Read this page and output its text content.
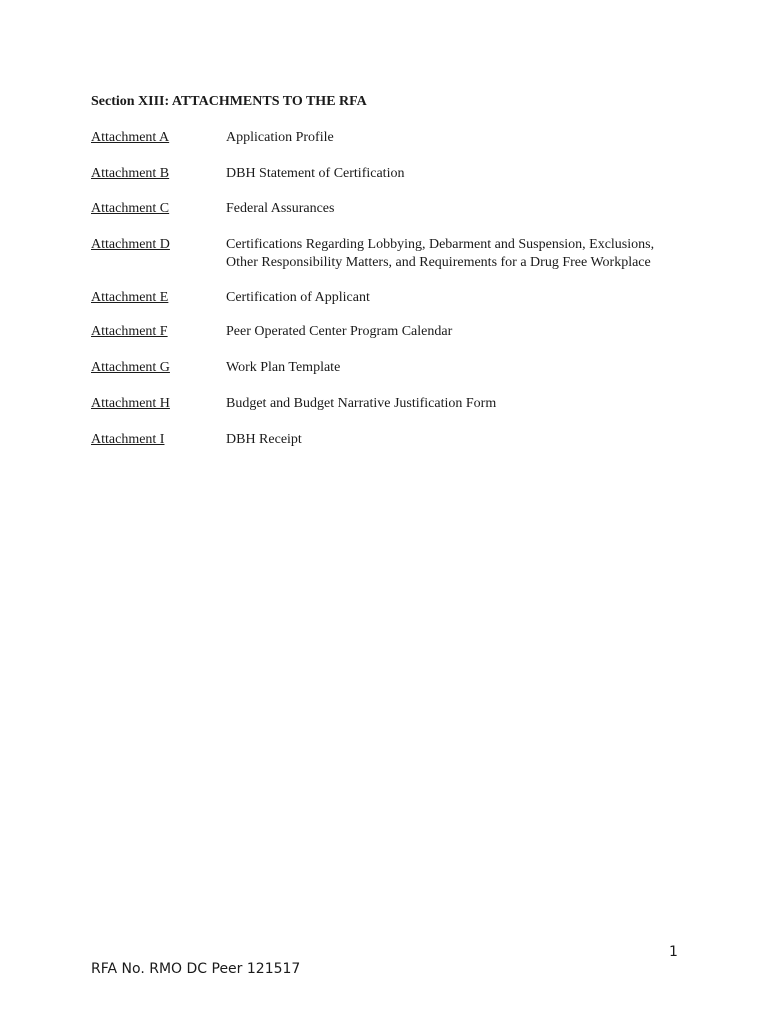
Section XIII: ATTACHMENTS TO THE RFA
Attachment A	Application Profile
Attachment B	DBH Statement of Certification
Attachment C	Federal Assurances
Attachment D	Certifications Regarding Lobbying, Debarment and Suspension, Exclusions, Other Responsibility Matters, and Requirements for a Drug Free Workplace
Attachment E	Certification of Applicant
Attachment F	Peer Operated Center Program Calendar
Attachment G	Work Plan Template
Attachment H	Budget and Budget Narrative Justification Form
Attachment I	DBH Receipt
1
RFA No. RMO DC Peer 121517
